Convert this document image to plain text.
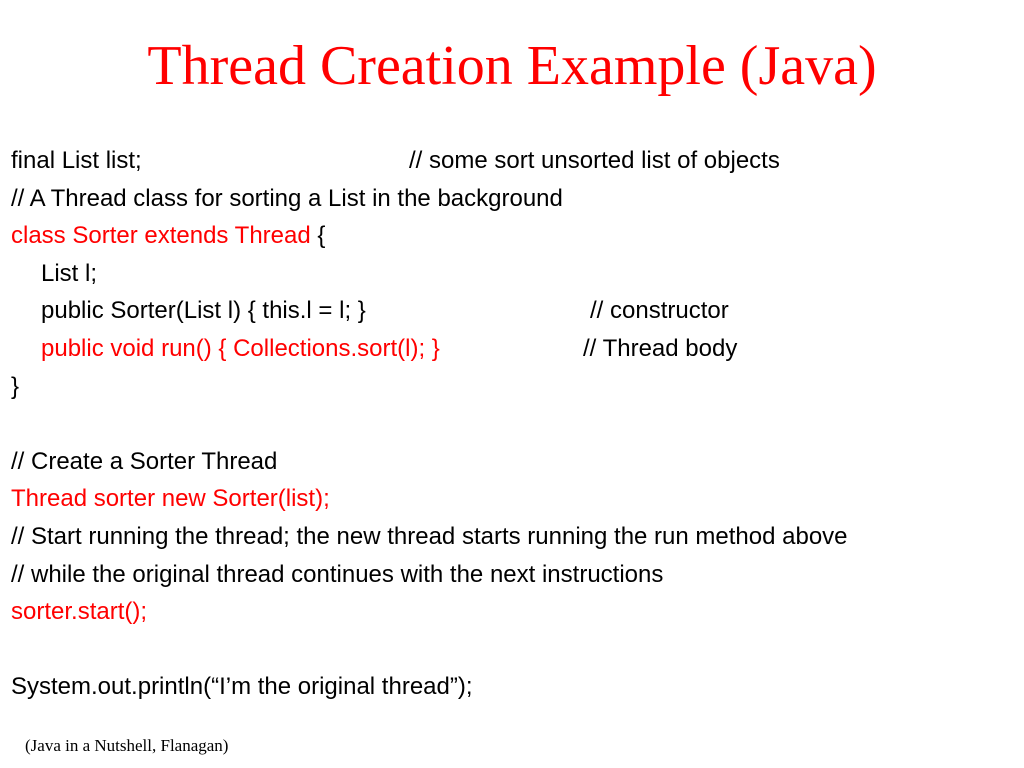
Thread Creation Example (Java)
final List list;	// some sort unsorted list of objects
// A Thread class for sorting a List in the background
class Sorter extends Thread {
List l;
public Sorter(List l) { this.l = l; }	// constructor
public void run() { Collections.sort(l); }	// Thread body
}
// Create a Sorter Thread
Thread sorter new Sorter(list);
// Start running the thread; the new thread starts running the run method above
// while the original thread continues with the next instructions
sorter.start();
System.out.println(“I’m the original thread”);
(Java in a Nutshell, Flanagan)
